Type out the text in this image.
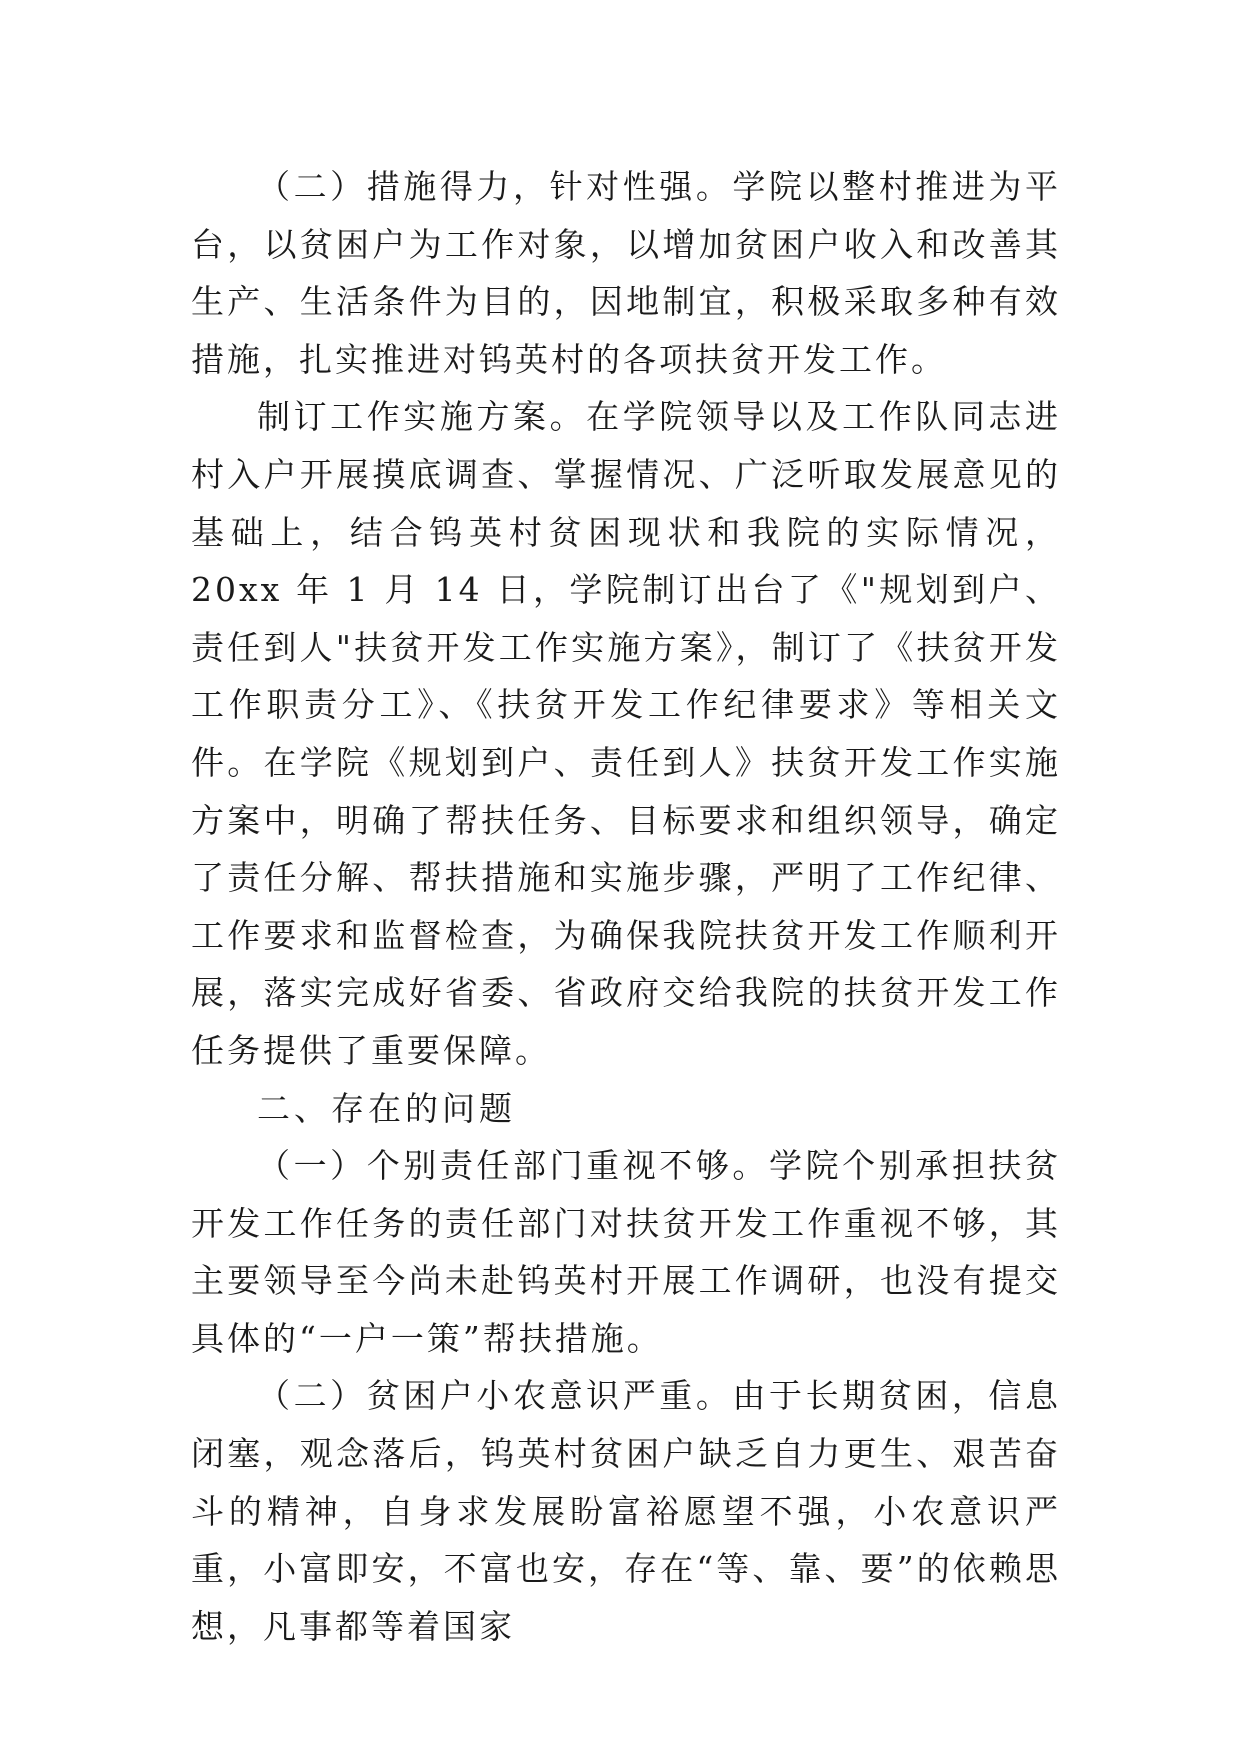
（二）措施得力，针对性强。学院以整村推进为平台，以贫困户为工作对象，以增加贫困户收入和改善其生产、生活条件为目的，因地制宜，积极采取多种有效措施，扎实推进对钨英村的各项扶贫开发工作。

制订工作实施方案。在学院领导以及工作队同志进村入户开展摸底调查、掌握情况、广泛听取发展意见的基础上，结合钨英村贫困现状和我院的实际情况，20xx 年 1 月 14 日，学院制订出台了《"规划到户、责任到人"扶贫开发工作实施方案》，制订了《扶贫开发工作职责分工》、《扶贫开发工作纪律要求》等相关文件。在学院《规划到户、责任到人》扶贫开发工作实施方案中，明确了帮扶任务、目标要求和组织领导，确定了责任分解、帮扶措施和实施步骤，严明了工作纪律、工作要求和监督检查，为确保我院扶贫开发工作顺利开展，落实完成好省委、省政府交给我院的扶贫开发工作任务提供了重要保障。

二、存在的问题

（一）个别责任部门重视不够。学院个别承担扶贫开发工作任务的责任部门对扶贫开发工作重视不够，其主要领导至今尚未赴钨英村开展工作调研，也没有提交具体的“一户一策”帮扶措施。

（二）贫困户小农意识严重。由于长期贫困，信息闭塞，观念落后，钨英村贫困户缺乏自力更生、艰苦奋斗的精神，自身求发展盼富裕愿望不强，小农意识严重，小富即安，不富也安，存在“等、靠、要”的依赖思想，凡事都等着国家
